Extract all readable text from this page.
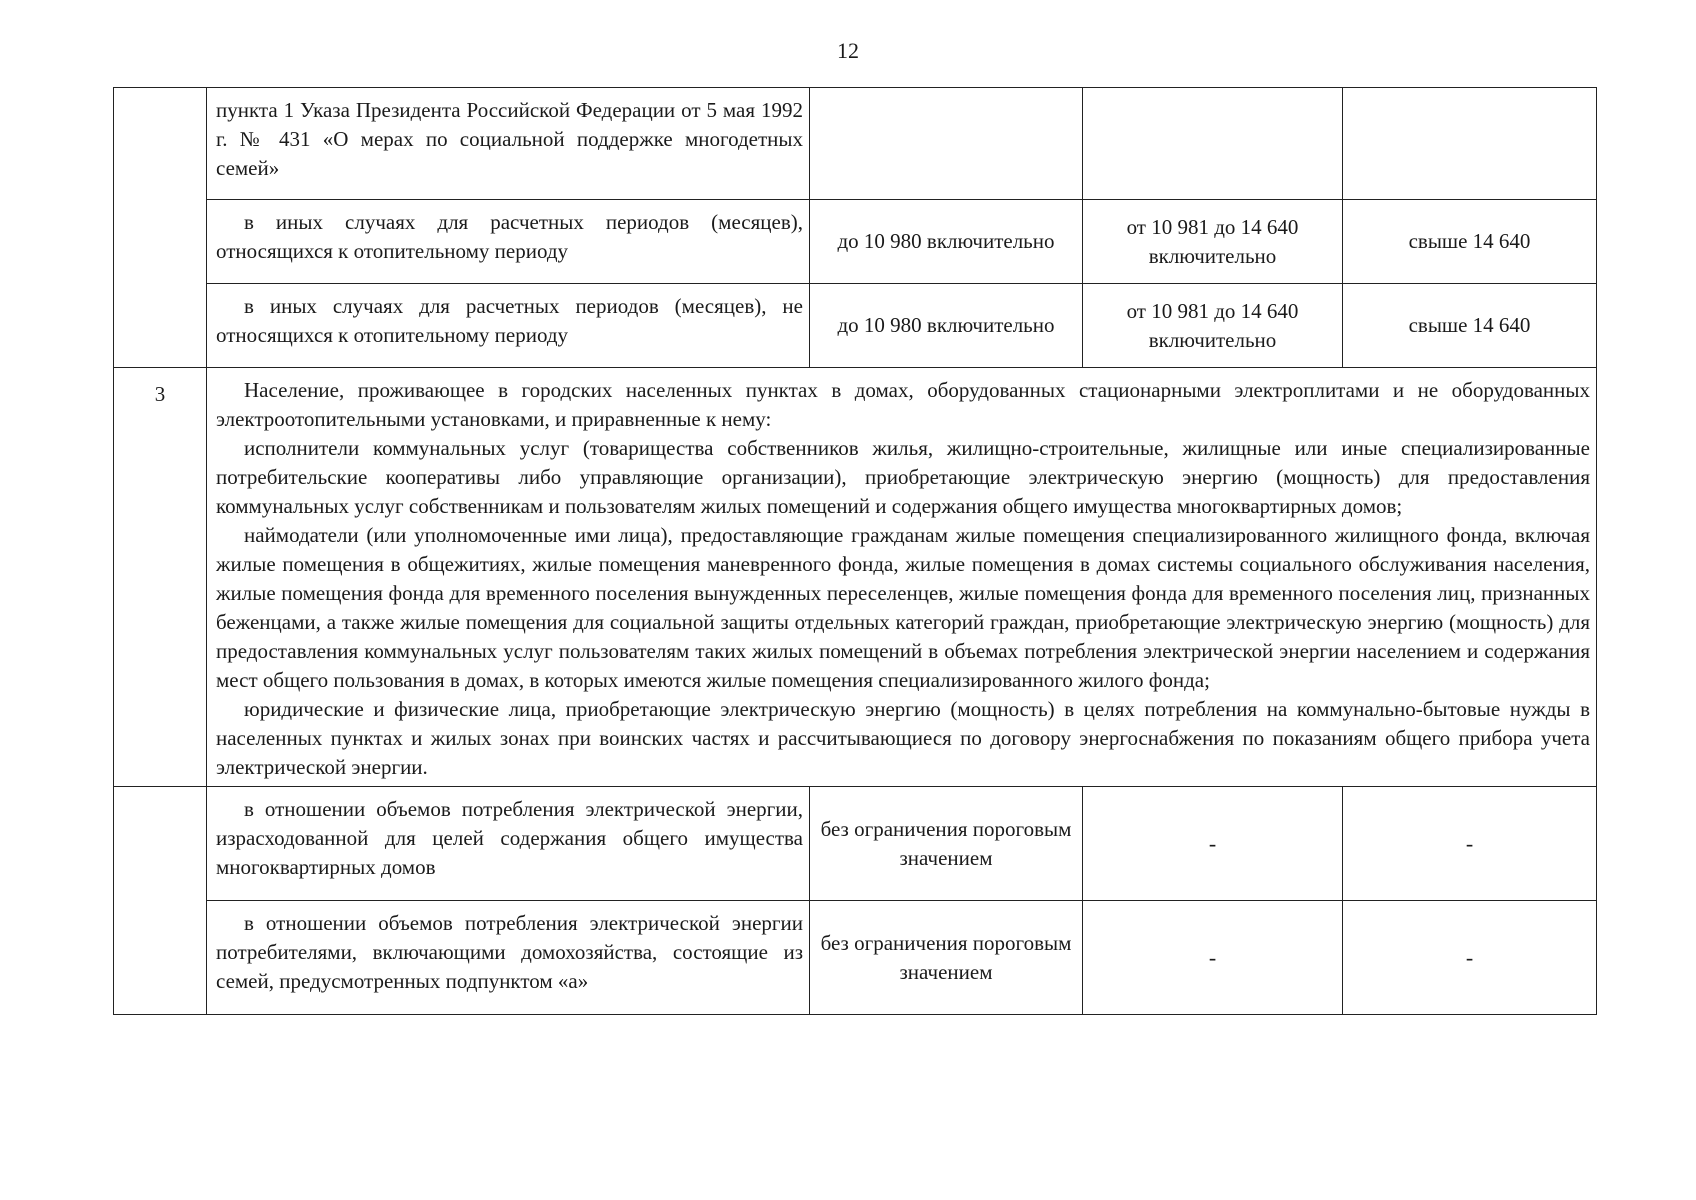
12
	пункта 1 Указа Президента Российской Федерации от 5 мая 1992 г. № 431 «О мерах по социальной поддержке многодетных семей»			
	в иных случаях для расчетных периодов (месяцев), относящихся к отопительному периоду	до 10 980 включительно	от 10 981 до 14 640 включительно	свыше 14 640
	в иных случаях для расчетных периодов (месяцев), не относящихся к отопительному периоду	до 10 980 включительно	от 10 981 до 14 640 включительно	свыше 14 640
3	Население, проживающее в городских населенных пунктах в домах, оборудованных стационарными электроплитами и не оборудованных электроотопительными установками, и приравненные к нему:

исполнители коммунальных услуг (товарищества собственников жилья, жилищно-строительные, жилищные или иные специализированные потребительские кооперативы либо управляющие организации), приобретающие электрическую энергию (мощность) для предоставления коммунальных услуг собственникам и пользователям жилых помещений и содержания общего имущества многоквартирных домов;

наймодатели (или уполномоченные ими лица), предоставляющие гражданам жилые помещения специализированного жилищного фонда, включая жилые помещения в общежитиях, жилые помещения маневренного фонда, жилые помещения в домах системы социального обслуживания населения, жилые помещения фонда для временного поселения вынужденных переселенцев, жилые помещения фонда для временного поселения лиц, признанных беженцами, а также жилые помещения для социальной защиты отдельных категорий граждан, приобретающие электрическую энергию (мощность) для предоставления коммунальных услуг пользователям таких жилых помещений в объемах потребления электрической энергии населением и содержания мест общего пользования в домах, в которых имеются жилые помещения специализированного жилого фонда;

юридические и физические лица, приобретающие электрическую энергию (мощность) в целях потребления на коммунально-бытовые нужды в населенных пунктах и жилых зонах при воинских частях и рассчитывающиеся по договору энергоснабжения по показаниям общего прибора учета электрической энергии.			

	в отношении объемов потребления электрической энергии, израсходованной для целей содержания общего имущества многоквартирных домов	без ограничения пороговым значением	-	-
	в отношении объемов потребления электрической энергии потребителями, включающими домохозяйства, состоящие из семей, предусмотренных подпунктом «а»	без ограничения пороговым значением	-	-
